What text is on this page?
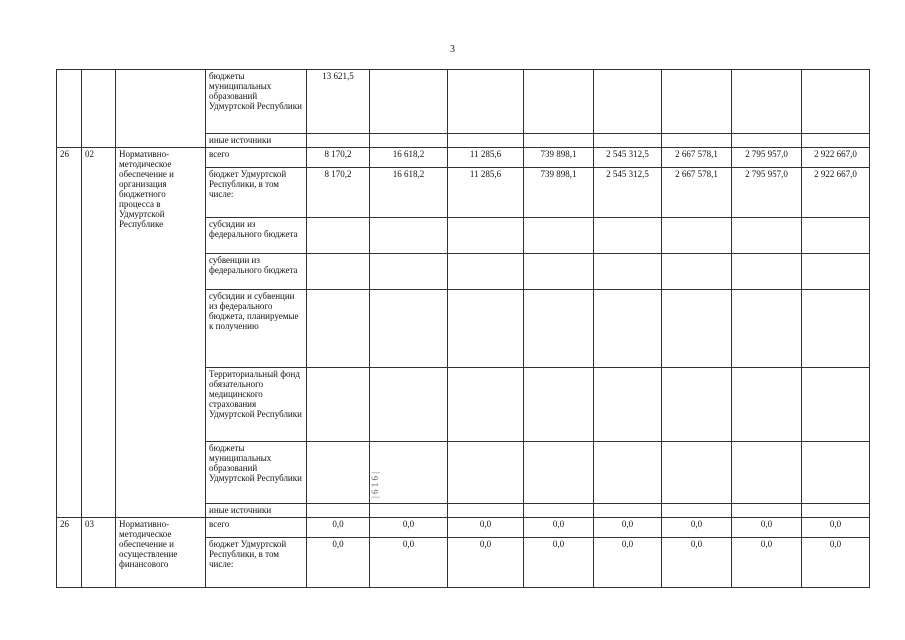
3
			бюджеты муниципальных образований Удмуртской Республики	13 621,5							
			иные источники								
26	02	Нормативно-методическое обеспечение и организация бюджетного процесса в Удмуртской Республике	всего	8 170,2	16 618,2	11 285,6	739 898,1	2 545 312,5	2 667 578,1	2 795 957,0	2 922 667,0
			бюджет Удмуртской Республики, в том числе:	8 170,2	16 618,2	11 285,6	739 898,1	2 545 312,5	2 667 578,1	2 795 957,0	2 922 667,0
			субсидии из федерального бюджета								
			субвенции из федерального бюджета								
			субсидии и субвенции из федерального бюджета, планируемые к получению								
			Территориальный фонд обязательного медицинского страхования Удмуртской Республики								
			бюджеты муниципальных образований Удмуртской Республики								
			иные источники								
26	03	Нормативно-методическое обеспечение и осуществление финансового	всего	0,0	0,0	0,0	0,0	0,0	0,0	0,0	0,0
			бюджет Удмуртской Республики, в том числе:	0,0	0,0	0,0	0,0	0,0	0,0	0,0	0,0
| 6 1 6 |
